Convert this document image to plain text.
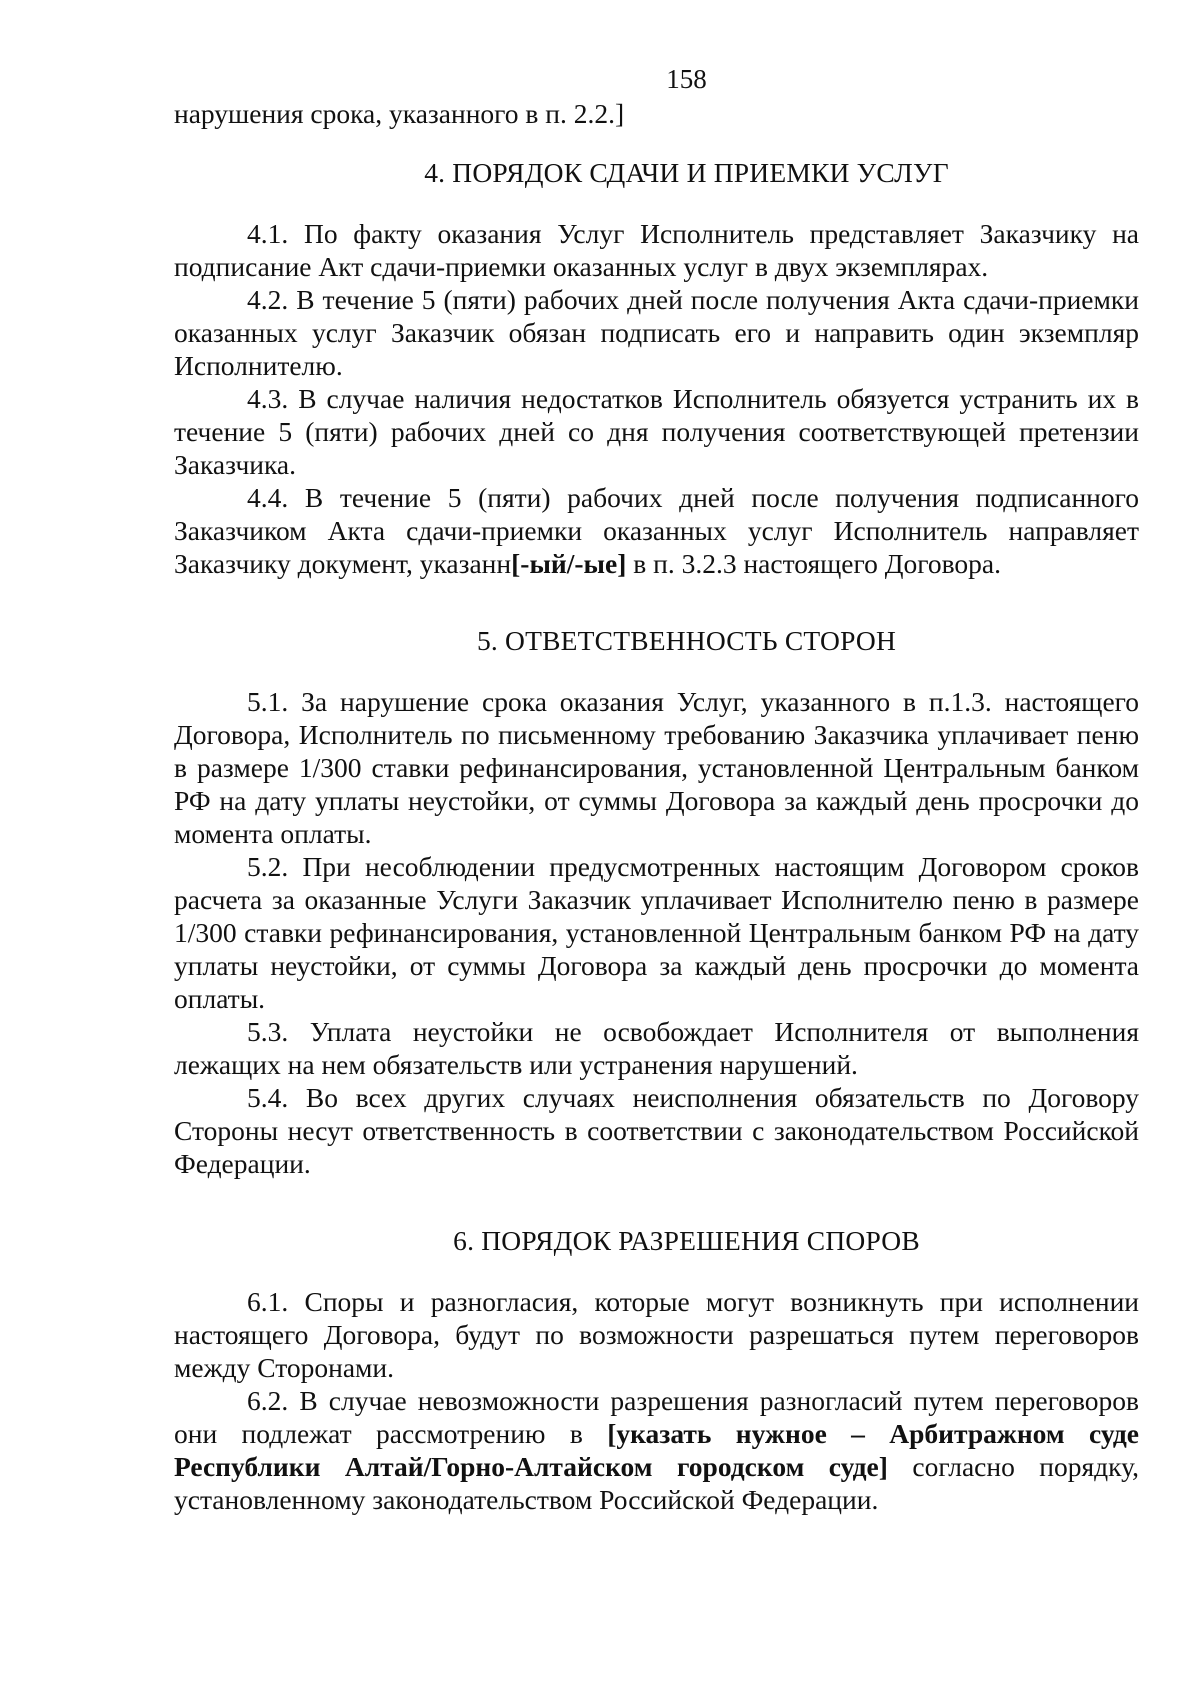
158

нарушения срока, указанного в п. 2.2.]

4. ПОРЯДОК СДАЧИ И ПРИЕМКИ УСЛУГ

4.1. По факту оказания Услуг Исполнитель представляет Заказчику на подписание Акт сдачи-приемки оказанных услуг в двух экземплярах.

4.2. В течение 5 (пяти) рабочих дней после получения Акта сдачи-приемки оказанных услуг Заказчик обязан подписать его и направить один экземпляр Исполнителю.

4.3. В случае наличия недостатков Исполнитель обязуется устранить их в течение 5 (пяти) рабочих дней со дня получения соответствующей претензии Заказчика.

4.4. В течение 5 (пяти) рабочих дней после получения подписанного Заказчиком Акта сдачи-приемки оказанных услуг Исполнитель направляет Заказчику документ, указанн[-ый/-ые] в п. 3.2.3 настоящего Договора.

5. ОТВЕТСТВЕННОСТЬ СТОРОН

5.1. За нарушение срока оказания Услуг, указанного в п.1.3. настоящего Договора, Исполнитель по письменному требованию Заказчика уплачивает пеню в размере 1/300 ставки рефинансирования, установленной Центральным банком РФ на дату уплаты неустойки, от суммы Договора за каждый день просрочки до момента оплаты.

5.2. При несоблюдении предусмотренных настоящим Договором сроков расчета за оказанные Услуги Заказчик уплачивает Исполнителю пеню в размере 1/300 ставки рефинансирования, установленной Центральным банком РФ на дату уплаты неустойки, от суммы Договора за каждый день просрочки до момента оплаты.

5.3. Уплата неустойки не освобождает Исполнителя от выполнения лежащих на нем обязательств или устранения нарушений.

5.4. Во всех других случаях неисполнения обязательств по Договору Стороны несут ответственность в соответствии с законодательством Российской Федерации.

6. ПОРЯДОК РАЗРЕШЕНИЯ СПОРОВ

6.1. Споры и разногласия, которые могут возникнуть при исполнении настоящего Договора, будут по возможности разрешаться путем переговоров между Сторонами.

6.2. В случае невозможности разрешения разногласий путем переговоров они подлежат рассмотрению в [указать нужное – Арбитражном суде Республики Алтай/Горно-Алтайском городском суде] согласно порядку, установленному законодательством Российской Федерации.
